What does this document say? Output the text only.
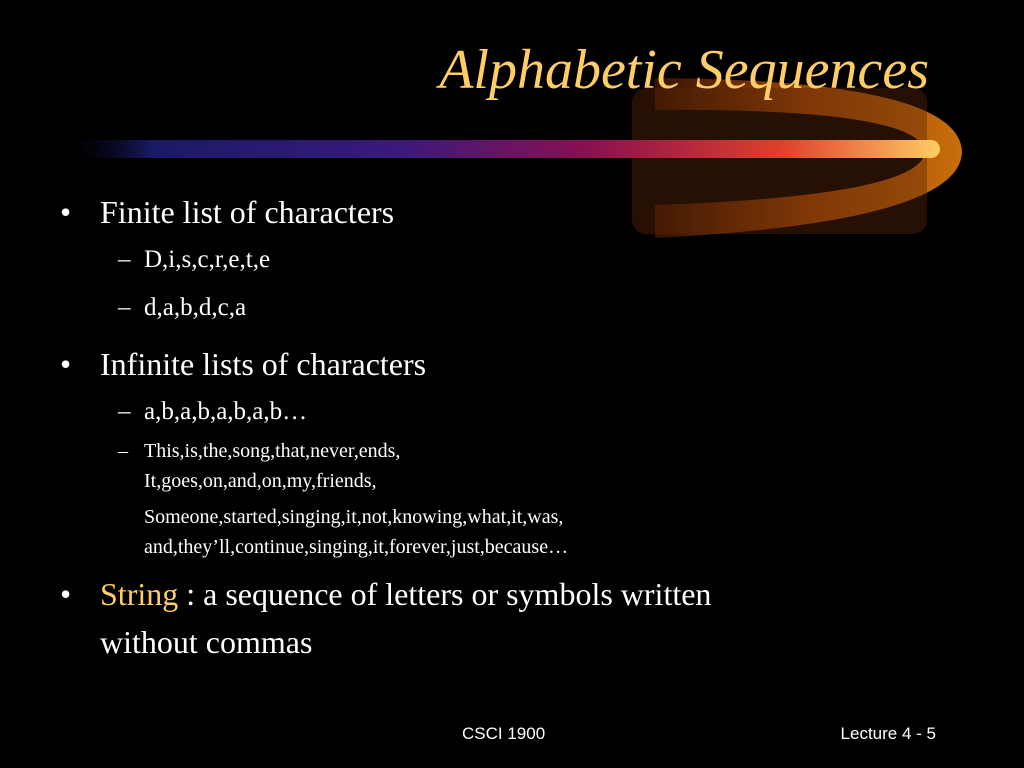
Alphabetic Sequences
• Finite list of characters
– D,i,s,c,r,e,t,e
– d,a,b,d,c,a
• Infinite lists of characters
– a,b,a,b,a,b,a,b…
– This,is,the,song,that,never,ends,
It,goes,on,and,on,my,friends,
Someone,started,singing,it,not,knowing,what,it,was,
and,they’ll,continue,singing,it,forever,just,because…
• String : a sequence of letters or symbols written
without commas
CSCI 1900	Lecture 4 - 5
